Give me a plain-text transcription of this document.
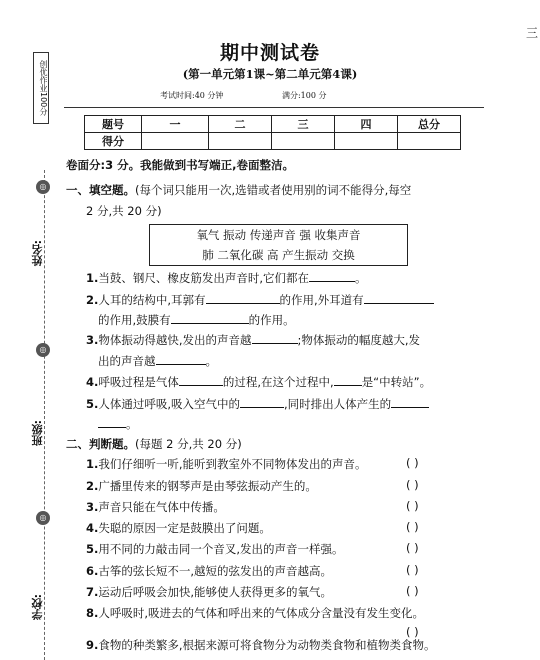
创优作业100分
◎
◎
◎
姓名:
班级:
学校:
三
期中测试卷
(第一单元第1课~第二单元第4课)
考试时间:40 分钟	满分:100 分
题号	一	二	三	四	总分
得分					
卷面分:3 分。我能做到书写端正,卷面整洁。
一、填空题。(每个词只能用一次,选错或者使用别的词不能得分,每空
2 分,共 20 分)
氧气 振动 传递声音 强 收集声音
肺 二氧化碳 高 产生振动 交换
1.当鼓、钢尺、橡皮筋发出声音时,它们都在	。
2.人耳的结构中,耳郭有	的作用,外耳道有
的作用,鼓膜有	的作用。
3.物体振动得越快,发出的声音越	;物体振动的幅度越大,发
出的声音越	。
4.呼吸过程是气体	的过程,在这个过程中, 是“中转站”。
5.人体通过呼吸,吸入空气中的	,同时排出人体产生的
。
二、判断题。(每题 2 分,共 20 分)
1.我们仔细听一听,能听到教室外不同物体发出的声音。	( )
2.广播里传来的钢琴声是由琴弦振动产生的。	( )
3.声音只能在气体中传播。	( )
4.失聪的原因一定是鼓膜出了问题。	( )
5.用不同的力敲击同一个音叉,发出的声音一样强。	( )
6.古筝的弦长短不一,越短的弦发出的声音越高。	( )
7.运动后呼吸会加快,能够使人获得更多的氧气。	( )
8.人呼吸时,吸进去的气体和呼出来的气体成分含量没有发生变化。
( )
9.食物的种类繁多,根据来源可将食物分为动物类食物和植物类食物。
